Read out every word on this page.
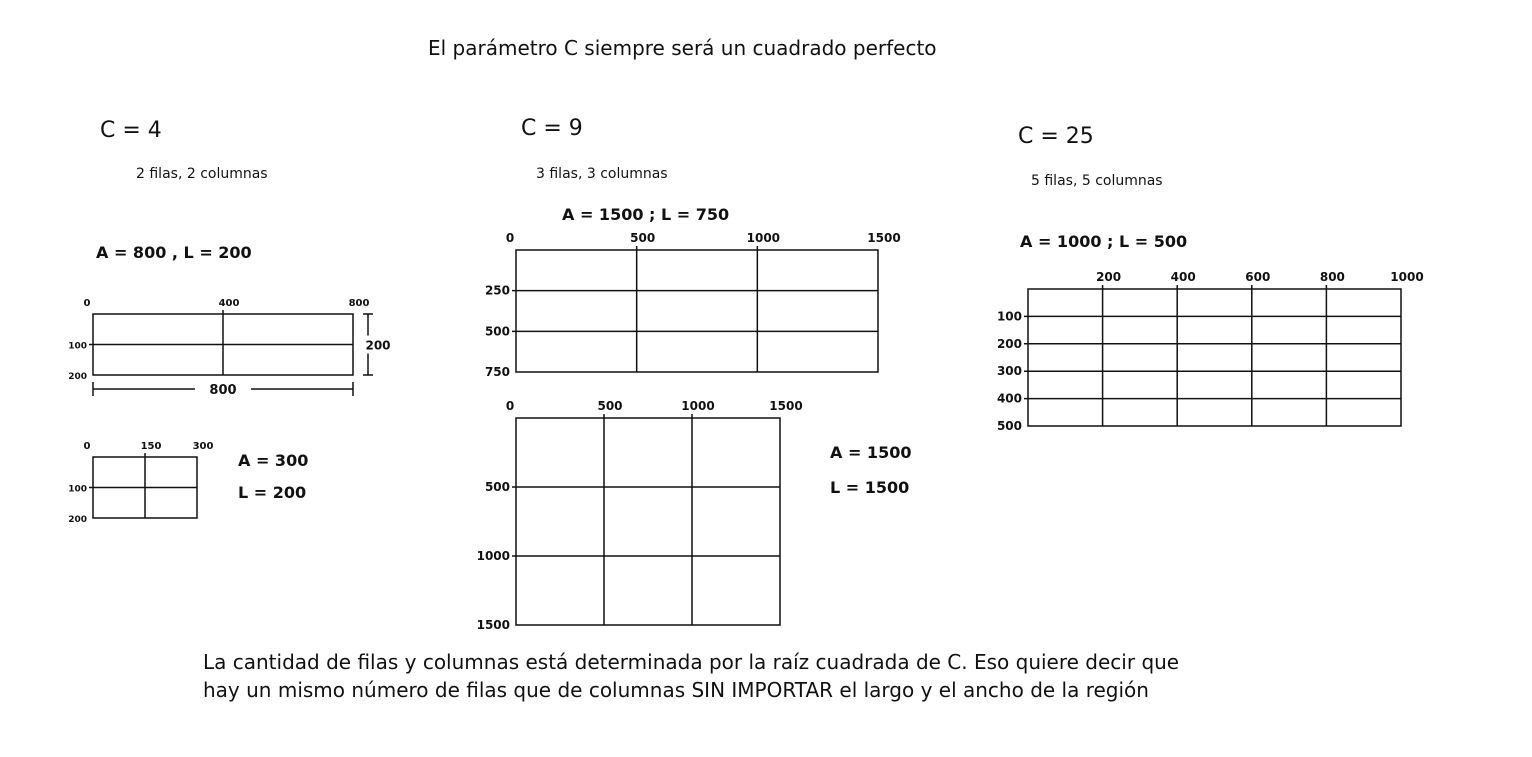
El parámetro C siempre será un cuadrado perfecto
C = 4
2 filas, 2 columnas
A = 800 , L = 200
C = 9
3 filas, 3 columnas
A = 1500 ; L = 750
C = 25
5 filas, 5 columnas
A = 1000 ; L = 500
A = 300
L = 200
A = 1500
L = 1500
0	400	800
100
200
800
200
0	150	300
100
200
0	500	1000	1500
250
500
750
0	500	1000	1500
500
1000
1500
200	400	600	800	1000
100
200
300
400
500
La cantidad de filas y columnas está determinada por la raíz cuadrada de C. Eso quiere decir que
hay un mismo número de filas que de columnas SIN IMPORTAR el largo y el ancho de la región
